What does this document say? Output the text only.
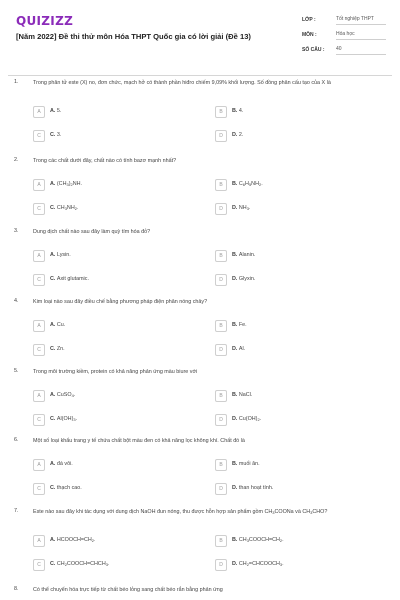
QUIZIZZ
[Năm 2022] Đề thi thử môn Hóa THPT Quốc gia có lời giải (Đề 13)
LỚP :	Tốt nghiệp THPT
MÔN :	Hóa học
SỐ CÂU : 40
1.	Trong phân tử este (X) no, đơn chức, mạch hở có thành phần hiđro chiếm 9,09% khối lượng. Số đồng phân cấu tạo của X là
A	A. 5.	B	B. 4.
C	C. 3.	D	D. 2.
2.	Trong các chất dưới đây, chất nào có tính bazơ mạnh nhất?
A	A. $(CH_3)_2NH$.	B	B. $C_6H_5NH_2$.
C	C. $CH_3NH_2$.	D	D. $NH_3$.
3.	Dung dịch chất nào sau đây làm quỳ tím hóa đỏ?
A	A. Lysin.	B	B. Alanin.
C	C. Axit glutamic.	D	D. Glyxin.
4.	Kim loại nào sau đây điều chế bằng phương pháp điện phân nóng chảy?
A	A. Cu.	B	B. Fe.
C	C. Zn.	D	D. Al.
5.	Trong môi trường kiềm, protein có khả năng phản ứng màu biure với
A	A. CuSO$_4$.	B	B. NaCl.
C	C. $Al(OH)_3$.	D	D. $Cu(OH)_2$.
6.	Một số loại khẩu trang y tế chứa chất bột màu đen có khả năng lọc không khí. Chất đó là
A	A. đá vôi.	B	B. muối ăn.
C	C. thạch cao.	D	D. than hoạt tính.
7.	Este nào sau đây khi tác dụng với dung dịch NaOH đun nóng, thu được hỗn hợp sản phẩm gồm $CH_3COONa$ và $CH_3CHO$?
A	A. $HCOOCH=CH_2$.	B	B. $CH_3COOCH=CH_2$.
C	C. $CH_2COOCH=CHCH_3$.	D	D. $CH_2=CHCOOCH_3$.
8.	Có thể chuyển hóa trực tiếp từ chất béo lỏng sang chất béo rắn bằng phản ứng
